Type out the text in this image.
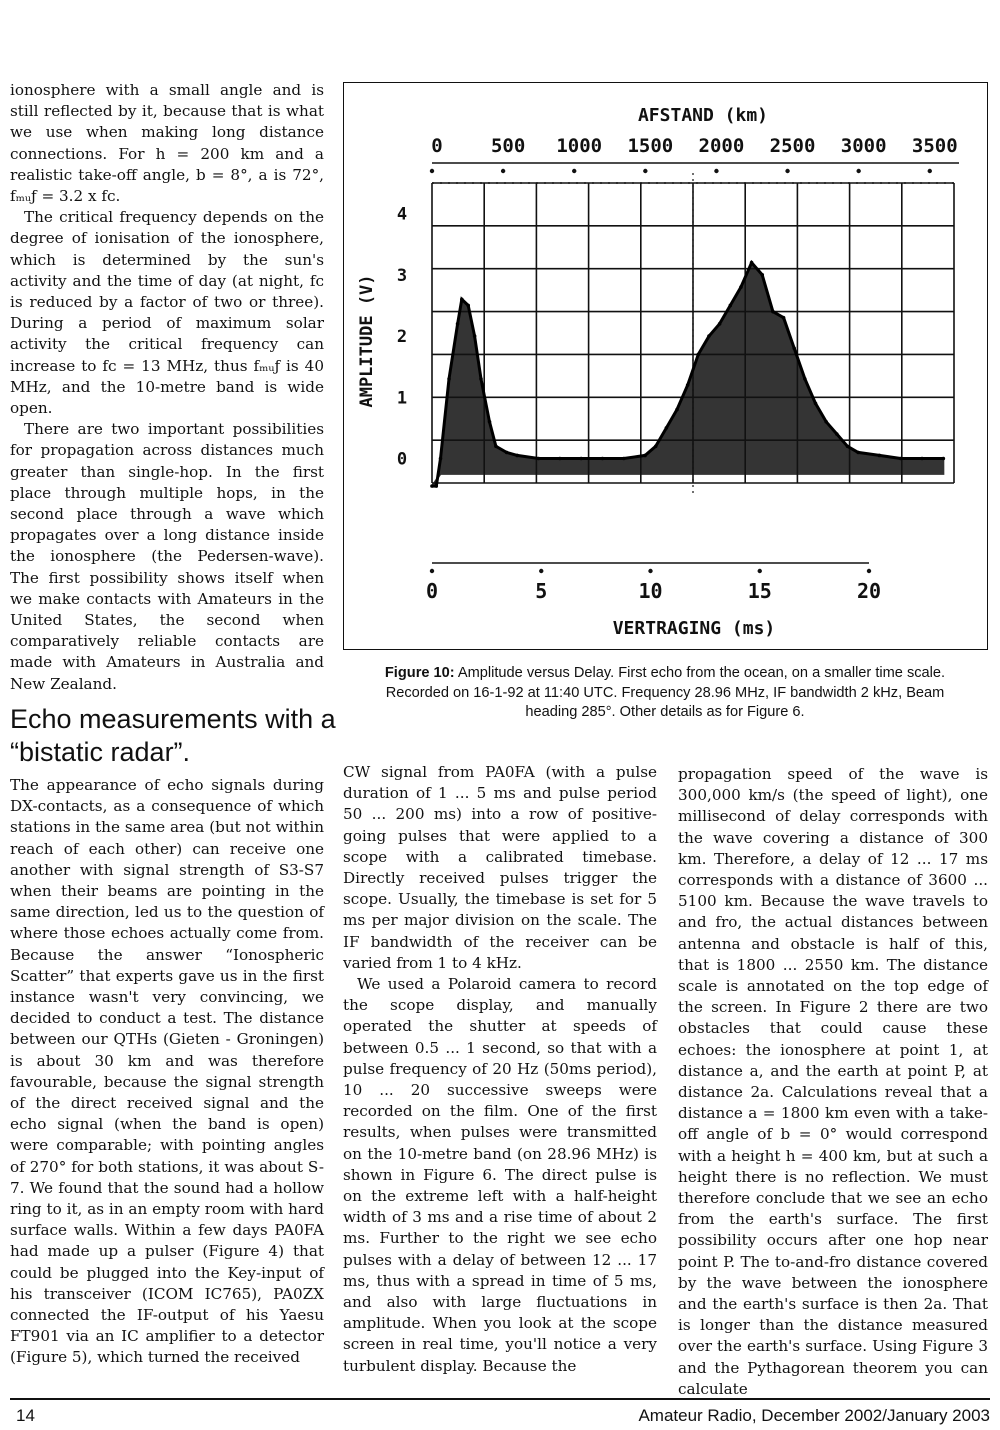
ionosphere with a small angle and is still reflected by it, because that is what we use when making long distance connections. For h = 200 km and a realistic take-off angle, b = 8°, a is 72°, fₘᵤƒ = 3.2 x fᴄ.

The critical frequency depends on the degree of ionisation of the ionosphere, which is determined by the sun's activity and the time of day (at night, fᴄ is reduced by a factor of two or three). During a period of maximum solar activity the critical frequency can increase to fᴄ = 13 MHz, thus fₘᵤƒ is 40 MHz, and the 10-metre band is wide open.

There are two important possibilities for propagation across distances much greater than single-hop. In the first place through multiple hops, in the second place through a wave which propagates over a long distance inside the ionosphere (the Pedersen-wave). The first possibility shows itself when we make contacts with Amateurs in the United States, the second when comparatively reliable contacts are made with Amateurs in Australia and New Zealand.

Echo measurements with a “bistatic radar”.

The appearance of echo signals during DX-contacts, as a consequence of which stations in the same area (but not within reach of each other) can receive one another with signal strength of S3-S7 when their beams are pointing in the same direction, led us to the question of where those echoes actually come from. Because the answer “Ionospheric Scatter” that experts gave us in the first instance wasn't very convincing, we decided to conduct a test. The distance between our QTHs (Gieten - Groningen) is about 30 km and was therefore favourable, because the signal strength of the direct received signal and the echo signal (when the band is open) were comparable; with pointing angles of 270° for both stations, it was about S-7. We found that the sound had a hollow ring to it, as in an empty room with hard surface walls. Within a few days PA0FA had made up a pulser (Figure 4) that could be plugged into the Key-input of his transceiver (ICOM IC765), PA0ZX connected the IF-output of his Yaesu FT901 via an IC amplifier to a detector (Figure 5), which turned the received

CW signal from PA0FA (with a pulse duration of 1 ... 5 ms and pulse period 50 ... 200 ms) into a row of positive-going pulses that were applied to a scope with a calibrated timebase. Directly received pulses trigger the scope. Usually, the timebase is set for 5 ms per major division on the scale. The IF bandwidth of the receiver can be varied from 1 to 4 kHz.

We used a Polaroid camera to record the scope display, and manually operated the shutter at speeds of between 0.5 ... 1 second, so that with a pulse frequency of 20 Hz (50ms period), 10 ... 20 successive sweeps were recorded on the film. One of the first results, when pulses were transmitted on the 10-metre band (on 28.96 MHz) is shown in Figure 6. The direct pulse is on the extreme left with a half-height width of 3 ms and a rise time of about 2 ms. Further to the right we see echo pulses with a delay of between 12 ... 17 ms, thus with a spread in time of 5 ms, and also with large fluctuations in amplitude. When you look at the scope screen in real time, you'll notice a very turbulent display. Because the

propagation speed of the wave is 300,000 km/s (the speed of light), one millisecond of delay corresponds with the wave covering a distance of 300 km. Therefore, a delay of 12 ... 17 ms corresponds with a distance of 3600 ... 5100 km. Because the wave travels to and fro, the actual distances between antenna and obstacle is half of this, that is 1800 ... 2550 km. The distance scale is annotated on the top edge of the screen. In Figure 2 there are two obstacles that could cause these echoes: the ionosphere at point 1, at distance a, and the earth at point P, at distance 2a. Calculations reveal that a distance a = 1800 km even with a take-off angle of b = 0° would correspond with a height h = 400 km, but at such a height there is no reflection. We must therefore conclude that we see an echo from the earth's surface. The first possibility occurs after one hop near point P. The to-and-fro distance covered by the wave between the ionosphere and the earth's surface is then 2a. That is longer than the distance measured over the earth's surface. Using Figure 3 and the Pythagorean theorem you can calculate

AFSTAND (km)
0	500 1000 1500 2000 2500 3000 3500
0
1
2
3
4
AMPLITUDE (V)
0	5	10	15	20
VERTRAGING (ms)
Figure 10: Amplitude versus Delay. First echo from the ocean, on a smaller time scale. Recorded on 16-1-92 at 11:40 UTC. Frequency 28.96 MHz, IF bandwidth 2 kHz, Beam heading 285°. Other details as for Figure 6.
14	Amateur Radio, December 2002/January 2003
